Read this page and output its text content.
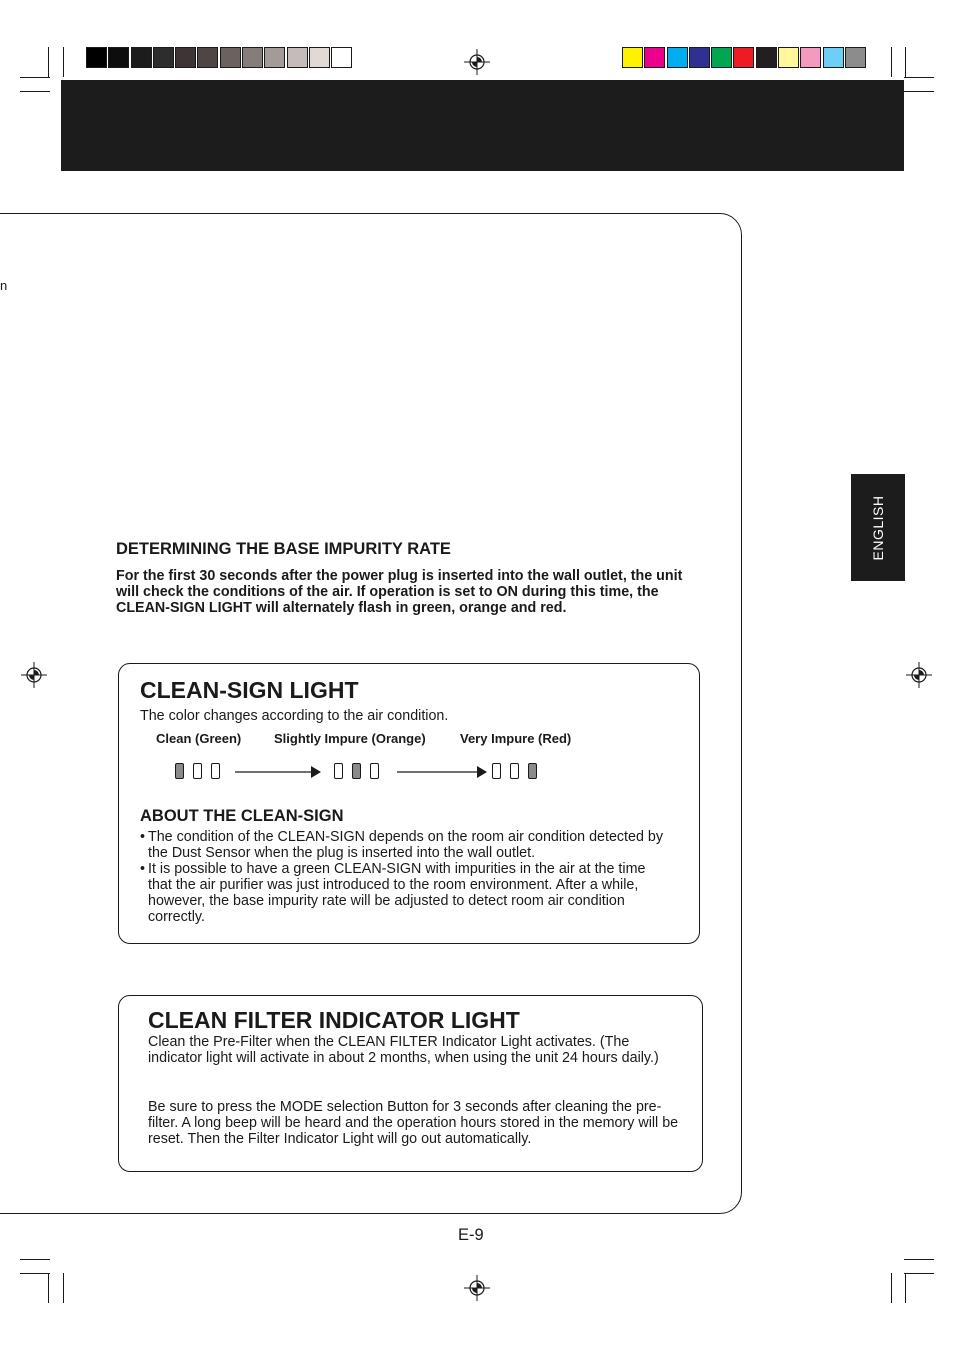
ENGLISH
n
DETERMINING THE BASE IMPURITY RATE
For the first 30 seconds after the power plug is inserted into the wall outlet, the unit will check the conditions of the air. If operation is set to ON during this time, the CLEAN-SIGN LIGHT will alternately flash in green, orange and red.
CLEAN-SIGN LIGHT
The color changes according to the air condition.
Clean (Green)	Slightly Impure (Orange)	Very Impure (Red)
ABOUT THE CLEAN-SIGN
• The condition of the CLEAN-SIGN depends on the room air condition detected by the Dust Sensor when the plug is inserted into the wall outlet.
• It is possible to have a green CLEAN-SIGN with impurities in the air at the time that the air purifier was just introduced to the room environment. After a while, however, the base impurity rate will be adjusted to detect room air condition correctly.
CLEAN FILTER INDICATOR LIGHT
Clean the Pre-Filter when the CLEAN FILTER Indicator Light activates. (The indicator light will activate in about 2 months, when using the unit 24 hours daily.)
Be sure to press the MODE selection Button for 3 seconds after cleaning the pre-filter. A long beep will be heard and the operation hours stored in the memory will be reset. Then the Filter Indicator Light will go out automatically.
E-9
